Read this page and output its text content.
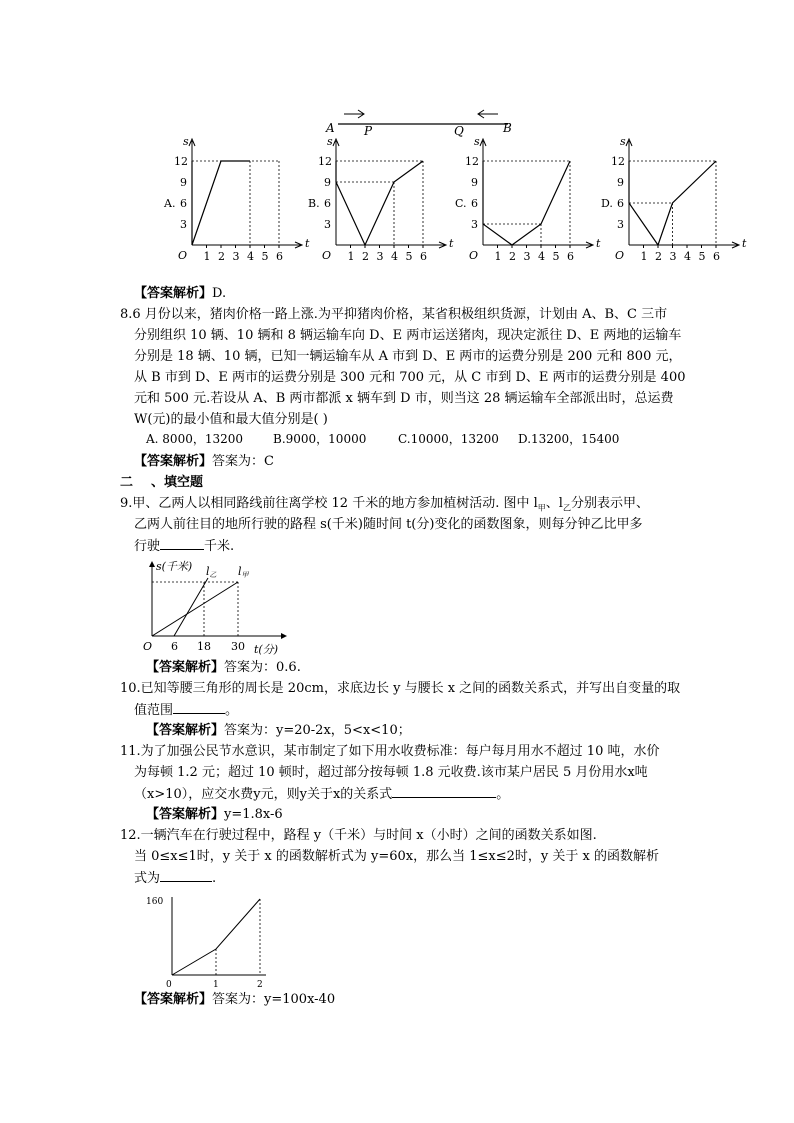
A P	Q	B
A.
s
t
O
12
9
6
3
1 2 3 4 5 6
B.
s
t
O
12
9
6
3
1 2 3 4 5 6
C.
s
t
O
12
9
6
3
1 2 3 4 5 6
D.
s
t
O
12
9
6
3
1 2 3 4 5 6
【答案解析】D.
8.6 月份以来，猪肉价格一路上涨.为平抑猪肉价格，某省积极组织货源，计划由 A、B、C 三市
分别组织 10 辆、10 辆和 8 辆运输车向 D、E 两市运送猪肉，现决定派往 D、E 两地的运输车
分别是 18 辆、10 辆，已知一辆运输车从 A 市到 D、E 两市的运费分别是 200 元和 800 元，
从 B 市到 D、E 两市的运费分别是 300 元和 700 元，从 C 市到 D、E 两市的运费分别是 400
元和 500 元.若设从 A、B 两市都派 x 辆车到 D 市，则当这 28 辆运输车全部派出时，总运费
W(元)的最小值和最大值分别是( )
A. 8000，13200 B.9000，10000	C.10000，13200 D.13200，15400
【答案解析】答案为：C
二 、填空题
9.甲、乙两人以相同路线前往离学校 12 千米的地方参加植树活动. 图中 $l_甲$、$l_乙$分别表示甲、
乙两人前往目的地所行驶的路程 s(千米)随时间 t(分)变化的函数图象，则每分钟乙比甲多
行驶	千米.
s(千米) l乙 l甲
O 6 18 30 t(分)
【答案解析】答案为：0.6.
10.已知等腰三角形的周长是 20cm，求底边长 y 与腰长 x 之间的函数关系式，并写出自变量的取
值范围	。
【答案解析】答案为：y=20-2x，5<x<10；
11.为了加强公民节水意识，某市制定了如下用水收费标准：每户每月用水不超过 10 吨，水价
为每顿 1.2 元；超过 10 顿时，超过部分按每顿 1.8 元收费.该市某户居民 5 月份用水x吨
（x>10），应交水费y元，则y关于x的关系式	。
【答案解析】y=1.8x-6
12.一辆汽车在行驶过程中，路程 y（千米）与时间 x（小时）之间的函数关系如图.
当 0≤x≤1时，y 关于 x 的函数解析式为 y=60x，那么当 1≤x≤2时，y 关于 x 的函数解析
式为	.
160
0	1	2
【答案解析】答案为：y=100x-40
